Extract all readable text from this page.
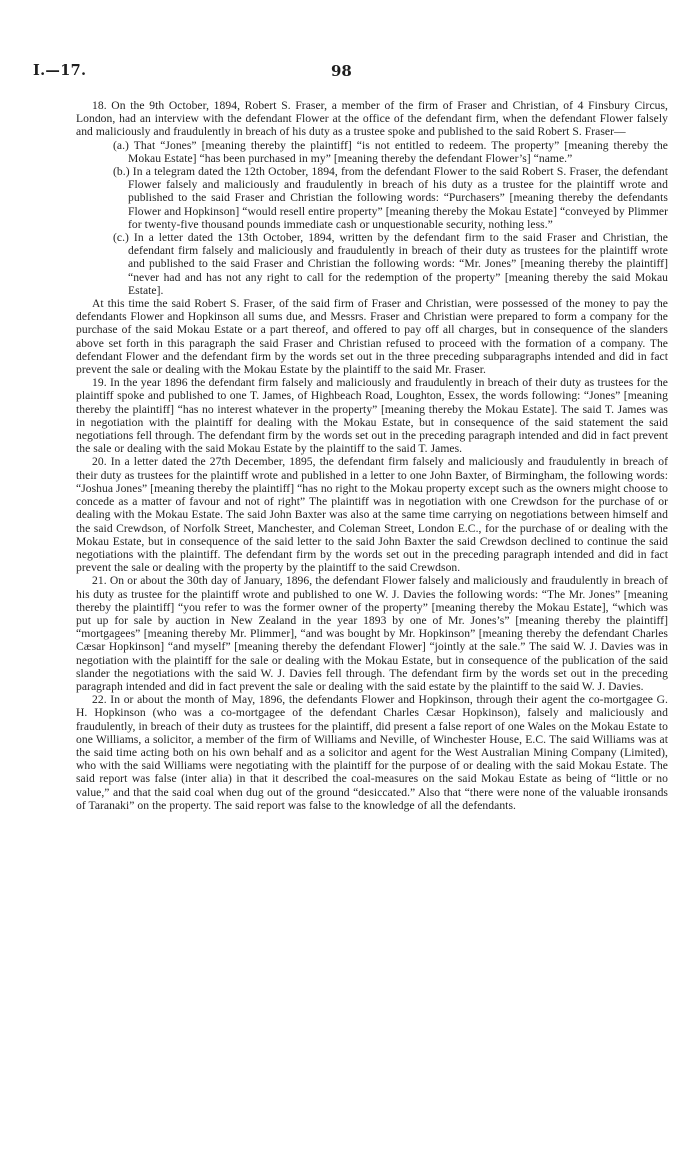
I.—17.	98

18. On the 9th October, 1894, Robert S. Fraser, a member of the firm of Fraser and Christian, of 4 Finsbury Circus, London, had an interview with the defendant Flower at the office of the defendant firm, when the defendant Flower falsely and maliciously and fraudulently in breach of his duty as a trustee spoke and published to the said Robert S. Fraser—

(a.) That “Jones” [meaning thereby the plaintiff] “is not entitled to redeem. The property” [meaning thereby the Mokau Estate] “has been purchased in my” [meaning thereby the defendant Flower’s] “name.”

(b.) In a telegram dated the 12th October, 1894, from the defendant Flower to the said Robert S. Fraser, the defendant Flower falsely and maliciously and fraudulently in breach of his duty as a trustee for the plaintiff wrote and published to the said Fraser and Christian the following words: “Purchasers” [meaning thereby the defendants Flower and Hopkinson] “would resell entire property” [meaning thereby the Mokau Estate] “conveyed by Plimmer for twenty-five thousand pounds immediate cash or unquestionable security, nothing less.”

(c.) In a letter dated the 13th October, 1894, written by the defendant firm to the said Fraser and Christian, the defendant firm falsely and maliciously and fraudulently in breach of their duty as trustees for the plaintiff wrote and published to the said Fraser and Christian the following words: “Mr. Jones” [meaning thereby the plaintiff] “never had and has not any right to call for the redemption of the property” [meaning thereby the said Mokau Estate].

At this time the said Robert S. Fraser, of the said firm of Fraser and Christian, were possessed of the money to pay the defendants Flower and Hopkinson all sums due, and Messrs. Fraser and Christian were prepared to form a company for the purchase of the said Mokau Estate or a part thereof, and offered to pay off all charges, but in consequence of the slanders above set forth in this paragraph the said Fraser and Christian refused to proceed with the formation of a company. The defendant Flower and the defendant firm by the words set out in the three preceding subparagraphs intended and did in fact prevent the sale or dealing with the Mokau Estate by the plaintiff to the said Mr. Fraser.

19. In the year 1896 the defendant firm falsely and maliciously and fraudulently in breach of their duty as trustees for the plaintiff spoke and published to one T. James, of Highbeach Road, Loughton, Essex, the words following: “Jones” [meaning thereby the plaintiff] “has no interest whatever in the property” [meaning thereby the Mokau Estate]. The said T. James was in negotiation with the plaintiff for dealing with the Mokau Estate, but in consequence of the said statement the said negotiations fell through. The defendant firm by the words set out in the preceding paragraph intended and did in fact prevent the sale or dealing with the said Mokau Estate by the plaintiff to the said T. James.

20. In a letter dated the 27th December, 1895, the defendant firm falsely and maliciously and fraudulently in breach of their duty as trustees for the plaintiff wrote and published in a letter to one John Baxter, of Birmingham, the following words: “Joshua Jones” [meaning thereby the plaintiff] “has no right to the Mokau property except such as the owners might choose to concede as a matter of favour and not of right” The plaintiff was in negotiation with one Crewdson for the purchase of or dealing with the Mokau Estate. The said John Baxter was also at the same time carrying on negotiations between himself and the said Crewdson, of Norfolk Street, Manchester, and Coleman Street, London E.C., for the purchase of or dealing with the Mokau Estate, but in consequence of the said letter to the said John Baxter the said Crewdson declined to continue the said negotiations with the plaintiff. The defendant firm by the words set out in the preceding paragraph intended and did in fact prevent the sale or dealing with the property by the plaintiff to the said Crewdson.

21. On or about the 30th day of January, 1896, the defendant Flower falsely and maliciously and fraudulently in breach of his duty as trustee for the plaintiff wrote and published to one W. J. Davies the following words: “The Mr. Jones” [meaning thereby the plaintiff] “you refer to was the former owner of the property” [meaning thereby the Mokau Estate], “which was put up for sale by auction in New Zealand in the year 1893 by one of Mr. Jones’s” [meaning thereby the plaintiff] “mortgagees” [meaning thereby Mr. Plimmer], “and was bought by Mr. Hopkinson” [meaning thereby the defendant Charles Cæsar Hopkinson] “and myself” [meaning thereby the defendant Flower] “jointly at the sale.” The said W. J. Davies was in negotiation with the plaintiff for the sale or dealing with the Mokau Estate, but in consequence of the publication of the said slander the negotiations with the said W. J. Davies fell through. The defendant firm by the words set out in the preceding paragraph intended and did in fact prevent the sale or dealing with the said estate by the plaintiff to the said W. J. Davies.

22. In or about the month of May, 1896, the defendants Flower and Hopkinson, through their agent the co-mortgagee G. H. Hopkinson (who was a co-mortgagee of the defendant Charles Cæsar Hopkinson), falsely and maliciously and fraudulently, in breach of their duty as trustees for the plaintiff, did present a false report of one Wales on the Mokau Estate to one Williams, a solicitor, a member of the firm of Williams and Neville, of Winchester House, E.C. The said Williams was at the said time acting both on his own behalf and as a solicitor and agent for the West Australian Mining Company (Limited), who with the said Williams were negotiating with the plaintiff for the purpose of or dealing with the said Mokau Estate. The said report was false (inter alia) in that it described the coal-measures on the said Mokau Estate as being of “little or no value,” and that the said coal when dug out of the ground “desiccated.” Also that “there were none of the valuable ironsands of Taranaki” on the property. The said report was false to the knowledge of all the defendants.
